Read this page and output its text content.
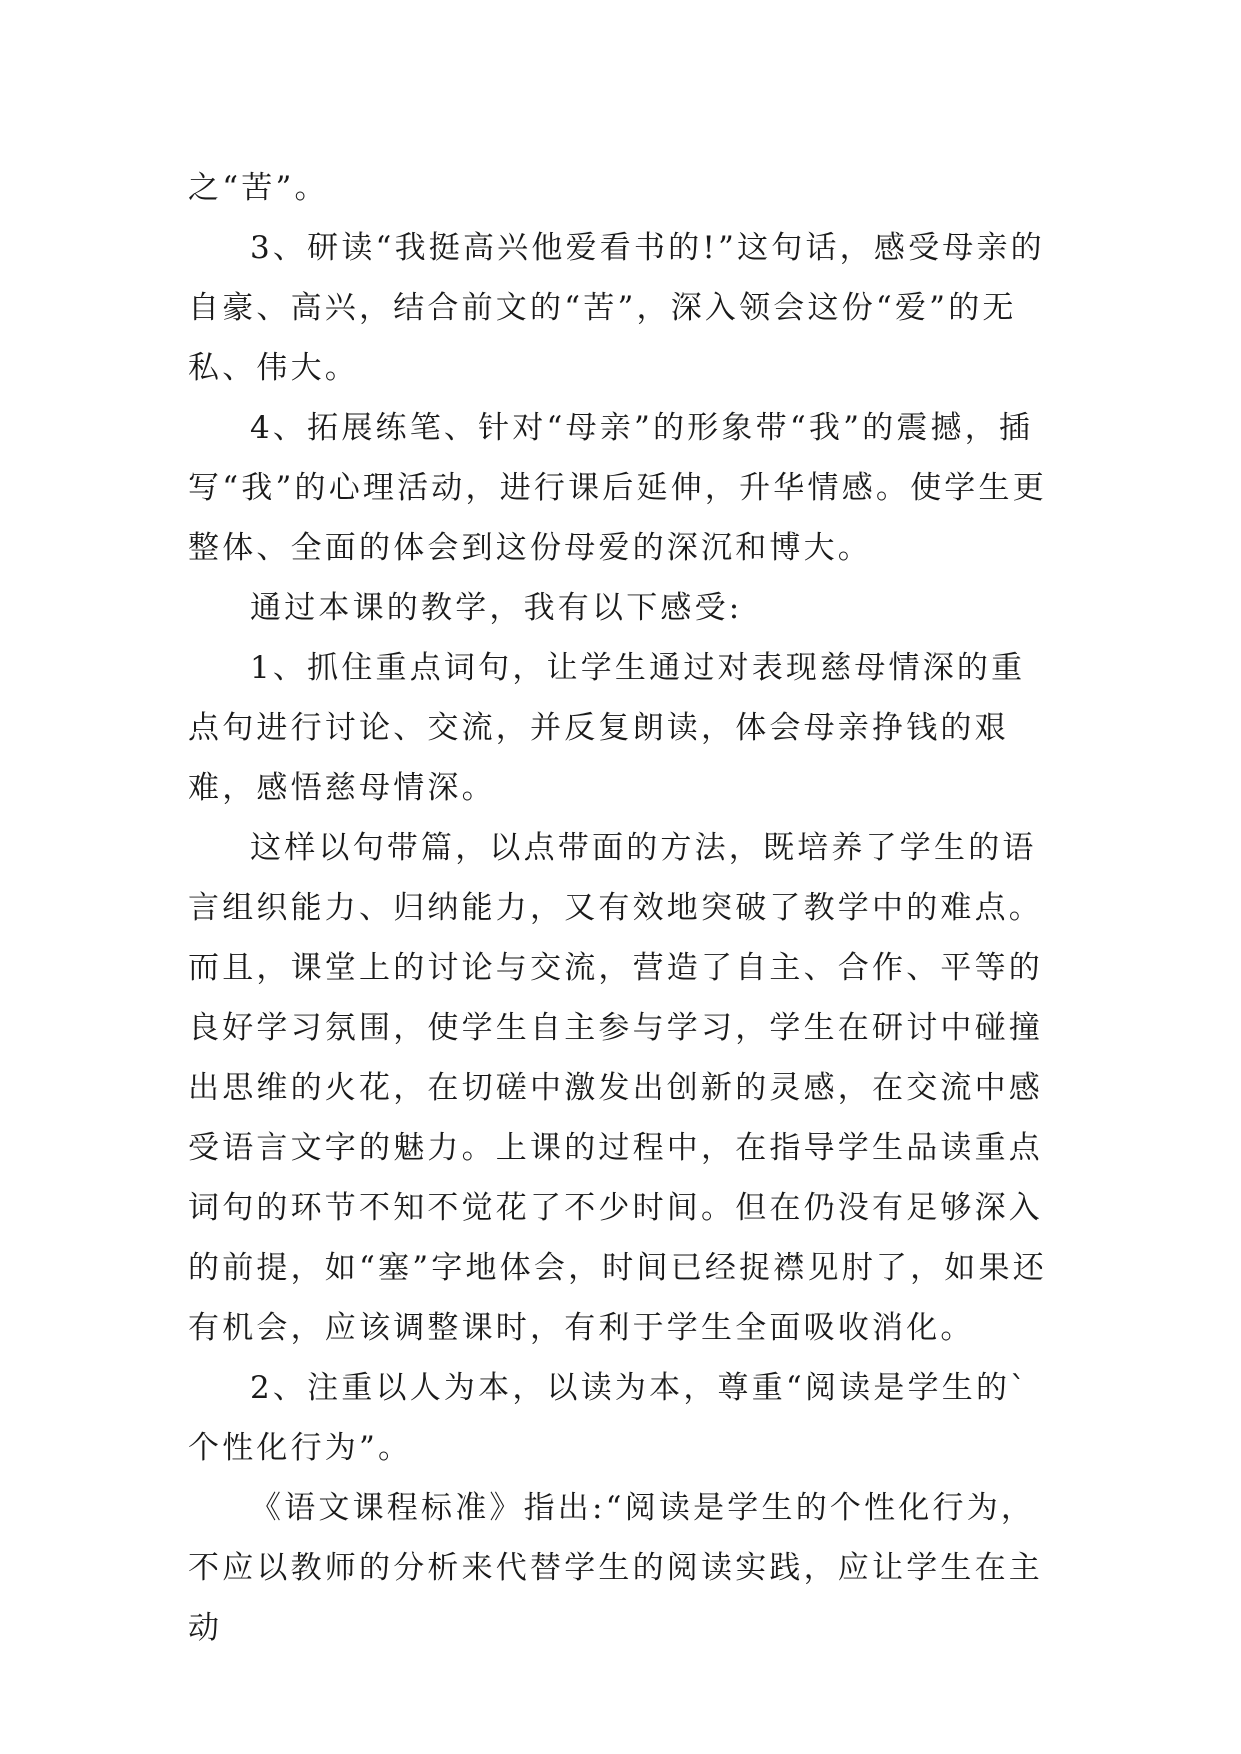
之“苦”。

3、研读“我挺高兴他爱看书的!”这句话，感受母亲的自豪、高兴，结合前文的“苦”，深入领会这份“爱”的无私、伟大。

4、拓展练笔、针对“母亲”的形象带“我”的震撼，插写“我”的心理活动，进行课后延伸，升华情感。使学生更整体、全面的体会到这份母爱的深沉和博大。

通过本课的教学，我有以下感受:

1、抓住重点词句，让学生通过对表现慈母情深的重点句进行讨论、交流，并反复朗读，体会母亲挣钱的艰难，感悟慈母情深。

这样以句带篇，以点带面的方法，既培养了学生的语言组织能力、归纳能力，又有效地突破了教学中的难点。而且，课堂上的讨论与交流，营造了自主、合作、平等的良好学习氛围，使学生自主参与学习，学生在研讨中碰撞出思维的火花，在切磋中激发出创新的灵感，在交流中感受语言文字的魅力。上课的过程中，在指导学生品读重点词句的环节不知不觉花了不少时间。但在仍没有足够深入的前提，如“塞”字地体会，时间已经捉襟见肘了，如果还有机会，应该调整课时，有利于学生全面吸收消化。

2、注重以人为本，以读为本，尊重“阅读是学生的`个性化行为”。

《语文课程标准》指出:“阅读是学生的个性化行为，不应以教师的分析来代替学生的阅读实践，应让学生在主动
